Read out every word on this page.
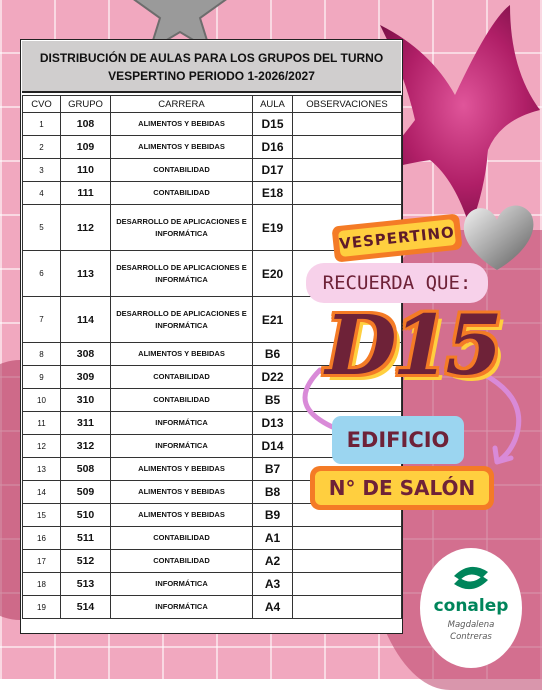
DISTRIBUCIÓN DE AULAS PARA LOS GRUPOS DEL TURNO
VESPERTINO PERIODO 1-2026/2027
CVO	GRUPO	CARRERA	AULA	OBSERVACIONES
1	108	ALIMENTOS Y BEBIDAS	D15	
2	109	ALIMENTOS Y BEBIDAS	D16	
3	110	CONTABILIDAD	D17	
4	111	CONTABILIDAD	E18	
5	112	DESARROLLO DE APLICACIONES E INFORMÁTICA	E19	
6	113	DESARROLLO DE APLICACIONES E INFORMÁTICA	E20	
7	114	DESARROLLO DE APLICACIONES E INFORMÁTICA	E21	
8	308	ALIMENTOS Y BEBIDAS	B6	
9	309	CONTABILIDAD	D22	
10	310	CONTABILIDAD	B5	
11	311	INFORMÁTICA	D13	
12	312	INFORMÁTICA	D14	
13	508	ALIMENTOS Y BEBIDAS	B7	
14	509	ALIMENTOS Y BEBIDAS	B8	
15	510	ALIMENTOS Y BEBIDAS	B9	
16	511	CONTABILIDAD	A1	
17	512	CONTABILIDAD	A2	
18	513	INFORMÁTICA	A3	
19	514	INFORMÁTICA	A4	
VESPERTINO
RECUERDA QUE:
D15
EDIFICIO
N° DE SALÓN
conalep
Magdalena
Contreras
